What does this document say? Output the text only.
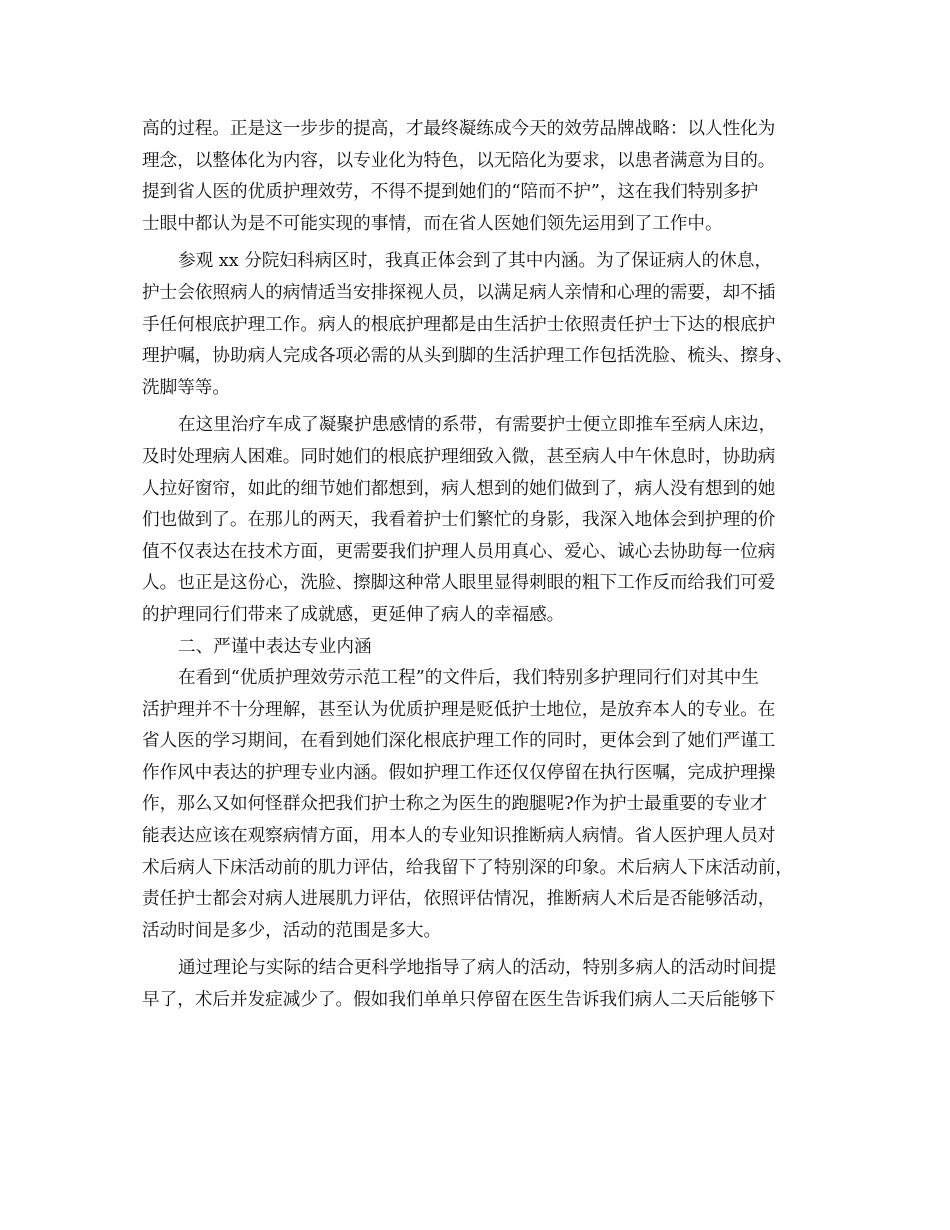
高的过程。正是这一步步的提高，才最终凝练成今天的效劳品牌战略：以人性化为
理念，以整体化为内容，以专业化为特色，以无陪化为要求，以患者满意为目的。
提到省人医的优质护理效劳，不得不提到她们的“陪而不护”，这在我们特别多护
士眼中都认为是不可能实现的事情，而在省人医她们领先运用到了工作中。
参观 xx 分院妇科病区时，我真正体会到了其中内涵。为了保证病人的休息，
护士会依照病人的病情适当安排探视人员，以满足病人亲情和心理的需要，却不插
手任何根底护理工作。病人的根底护理都是由生活护士依照责任护士下达的根底护
理护嘱，协助病人完成各项必需的从头到脚的生活护理工作包括洗脸、梳头、擦身、
洗脚等等。
在这里治疗车成了凝聚护患感情的系带，有需要护士便立即推车至病人床边，
及时处理病人困难。同时她们的根底护理细致入微，甚至病人中午休息时，协助病
人拉好窗帘，如此的细节她们都想到，病人想到的她们做到了，病人没有想到的她
们也做到了。在那儿的两天，我看着护士们繁忙的身影，我深入地体会到护理的价
值不仅表达在技术方面，更需要我们护理人员用真心、爱心、诚心去协助每一位病
人。也正是这份心，洗脸、擦脚这种常人眼里显得刺眼的粗下工作反而给我们可爱
的护理同行们带来了成就感，更延伸了病人的幸福感。
二、严谨中表达专业内涵
在看到“优质护理效劳示范工程”的文件后，我们特别多护理同行们对其中生
活护理并不十分理解，甚至认为优质护理是贬低护士地位，是放弃本人的专业。在
省人医的学习期间，在看到她们深化根底护理工作的同时，更体会到了她们严谨工
作作风中表达的护理专业内涵。假如护理工作还仅仅停留在执行医嘱，完成护理操
作，那么又如何怪群众把我们护士称之为医生的跑腿呢?作为护士最重要的专业才
能表达应该在观察病情方面，用本人的专业知识推断病人病情。省人医护理人员对
术后病人下床活动前的肌力评估，给我留下了特别深的印象。术后病人下床活动前，
责任护士都会对病人进展肌力评估，依照评估情况，推断病人术后是否能够活动，
活动时间是多少，活动的范围是多大。
通过理论与实际的结合更科学地指导了病人的活动，特别多病人的活动时间提
早了，术后并发症减少了。假如我们单单只停留在医生告诉我们病人二天后能够下
